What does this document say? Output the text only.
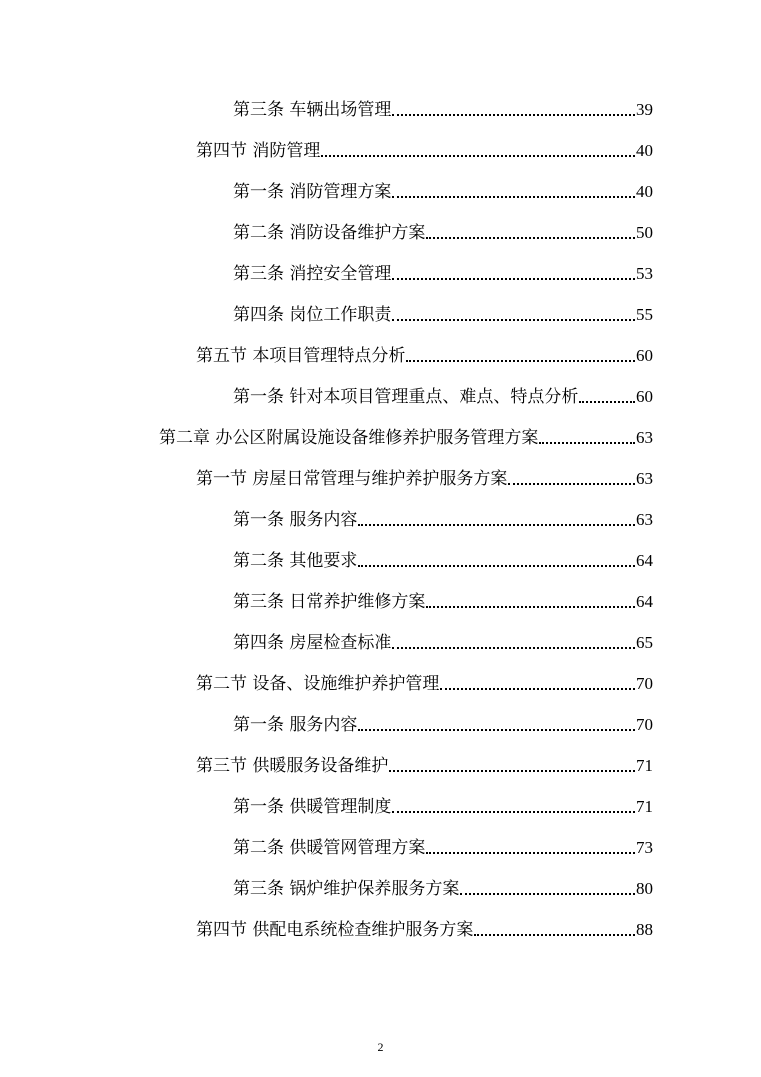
第三条 车辆出场管理	39
第四节 消防管理	40
第一条 消防管理方案	40
第二条 消防设备维护方案	50
第三条 消控安全管理	53
第四条 岗位工作职责	55
第五节 本项目管理特点分析	60
第一条 针对本项目管理重点、难点、特点分析	60
第二章 办公区附属设施设备维修养护服务管理方案	63
第一节 房屋日常管理与维护养护服务方案	63
第一条 服务内容	63
第二条 其他要求	64
第三条 日常养护维修方案	64
第四条 房屋检查标准	65
第二节 设备、设施维护养护管理	70
第一条 服务内容	70
第三节 供暖服务设备维护	71
第一条 供暖管理制度	71
第二条 供暖管网管理方案	73
第三条 锅炉维护保养服务方案	80
第四节 供配电系统检查维护服务方案	88
2
